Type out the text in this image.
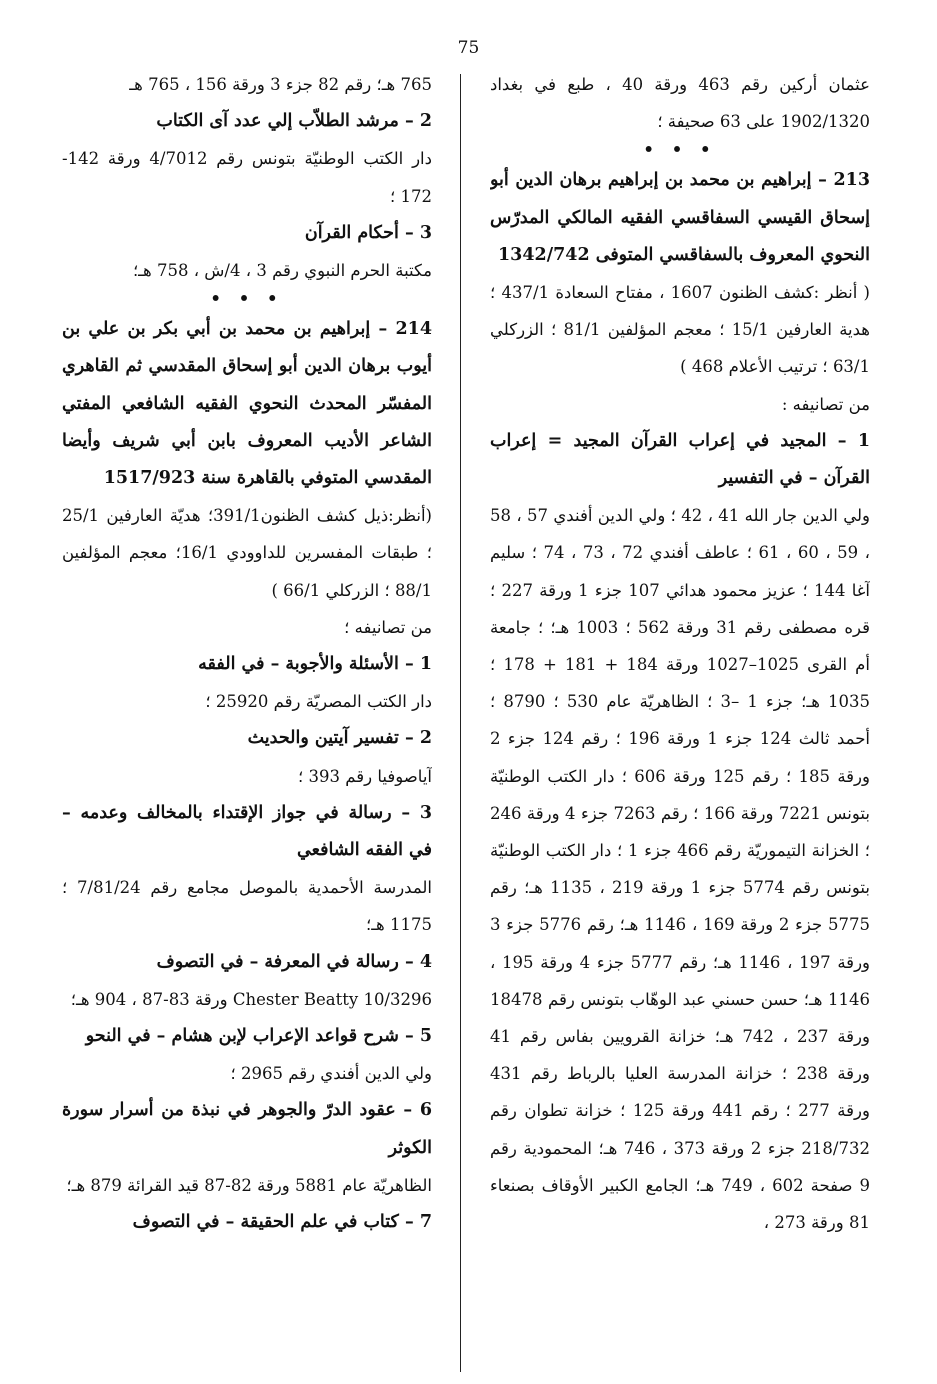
75

عثمان أركين رقم 463 ورقة 40 ، طبع في بغداد 1902/1320 على 63 صحيفة ؛

• • •

213 – إبراهيم بن محمد بن إبراهيم برهان الدين أبو إسحاق القيسي السفاقسي الفقيه المالكي المدرّس النحوي المعروف بالسفاقسي المتوفى 1342/742

( أنظر :كشف الظنون 1607 ، مفتاح السعادة 437/1 ؛ هدية العارفين 15/1 ؛ معجم المؤلفين 81/1 ؛ الزركلي 63/1 ؛ ترتيب الأعلام 468 )

من تصانيفه :

1 – المجيد في إعراب القرآن المجيد = إعراب القرآن – في التفسير

ولي الدين جار الله 41 ، 42 ؛ ولي الدين أفندي 57 ، 58 ، 59 ، 60 ، 61 ؛ عاطف أفندي 72 ، 73 ، 74 ؛ سليم آغا 144 ؛ عزيز محمود هدائي 107 جزء 1 ورقة 227 ؛ قره مصطفى رقم 31 ورقة 562 ؛ 1003 هـ؛ ؛ جامعة أم القرى 1025–1027 ورقة 184 + 181 + 178 ؛ 1035 هـ؛ جزء 1 –3 ؛ الظاهريّة عام 530 ؛ 8790 ؛ أحمد ثالث 124 جزء 1 ورقة 196 ؛ رقم 124 جزء 2 ورقة 185 ؛ رقم 125 ورقة 606 ؛ دار الكتب الوطنيّة بتونس 7221 ورقة 166 ؛ رقم 7263 جزء 4 ورقة 246 ؛ الخزانة التيموريّة رقم 466 جزء 1 ؛ دار الكتب الوطنيّة بتونس رقم 5774 جزء 1 ورقة 219 ، 1135 هـ؛ رقم 5775 جزء 2 ورقة 169 ، 1146 هـ؛ رقم 5776 جزء 3 ورقة 197 ، 1146 هـ؛ رقم 5777 جزء 4 ورقة 195 ، 1146 هـ؛ حسن حسني عبد الوهّاب بتونس رقم 18478 ورقة 237 ، 742 هـ؛ خزانة القرويين بفاس رقم 41 ورقة 238 ؛ خزانة المدرسة العليا بالرباط رقم 431 ورقة 277 ؛ رقم 441 ورقة 125 ؛ خزانة تطوان رقم 218/732 جزء 2 ورقة 373 ، 746 هـ؛ المحمودية رقم 9 صفحة 602 ، 749 هـ؛ الجامع الكبير الأوقاف بصنعاء 81 ورقة 273 ،

765 هـ؛ رقم 82 جزء 3 ورقة 156 ، 765 هـ

2 – مرشد الطلاّب إلي عدد آى الكتاب

دار الكتب الوطنيّة بتونس رقم 4/7012 ورقة 142-172 ؛

3 – أحكام القرآن

مكتبة الحرم النبوي رقم 3 ، 4/ش ، 758 هـ؛

• • •

214 – إبراهيم بن محمد بن أبي بكر بن علي بن أيوب برهان الدين أبو إسحاق المقدسي ثم القاهري المفسّر المحدث النحوي الفقيه الشافعي المفتي الشاعر الأديب المعروف بابن أبي شريف وأيضا المقدسي المتوفي بالقاهرة سنة 1517/923

(أنظر:ذيل كشف الظنون391/1؛ هديّة العارفين 25/1 ؛ طبقات المفسرين للداوودي 16/1؛ معجم المؤلفين 88/1 ؛ الزركلي 66/1 )

من تصانيفه ؛

1 – الأسئلة والأجوبة – في الفقه

دار الكتب المصريّة رقم 25920 ؛

2 – تفسير آيتين والحديث

آياصوفيا رقم 393 ؛

3 – رسالة في جواز الإقتداء بالمخالف وعدمه – في الفقه الشافعي

المدرسة الأحمدية بالموصل مجامع رقم 7/81/24 ؛ 1175 هـ؛

4 – رسالة في المعرفة – في التصوف

Chester Beatty 10/3296 ورقة 83-87 ، 904 هـ؛

5 – شرح قواعد الإعراب لإبن هشام – في النحو

ولي الدين أفندي رقم 2965 ؛

6 – عقود الدرّ والجوهر في نبذة من أسرار سورة الكوثر

الظاهريّة عام 5881 ورقة 82-87 قيد القرائة 879 هـ؛

7 – كتاب في علم الحقيقة – في التصوف
